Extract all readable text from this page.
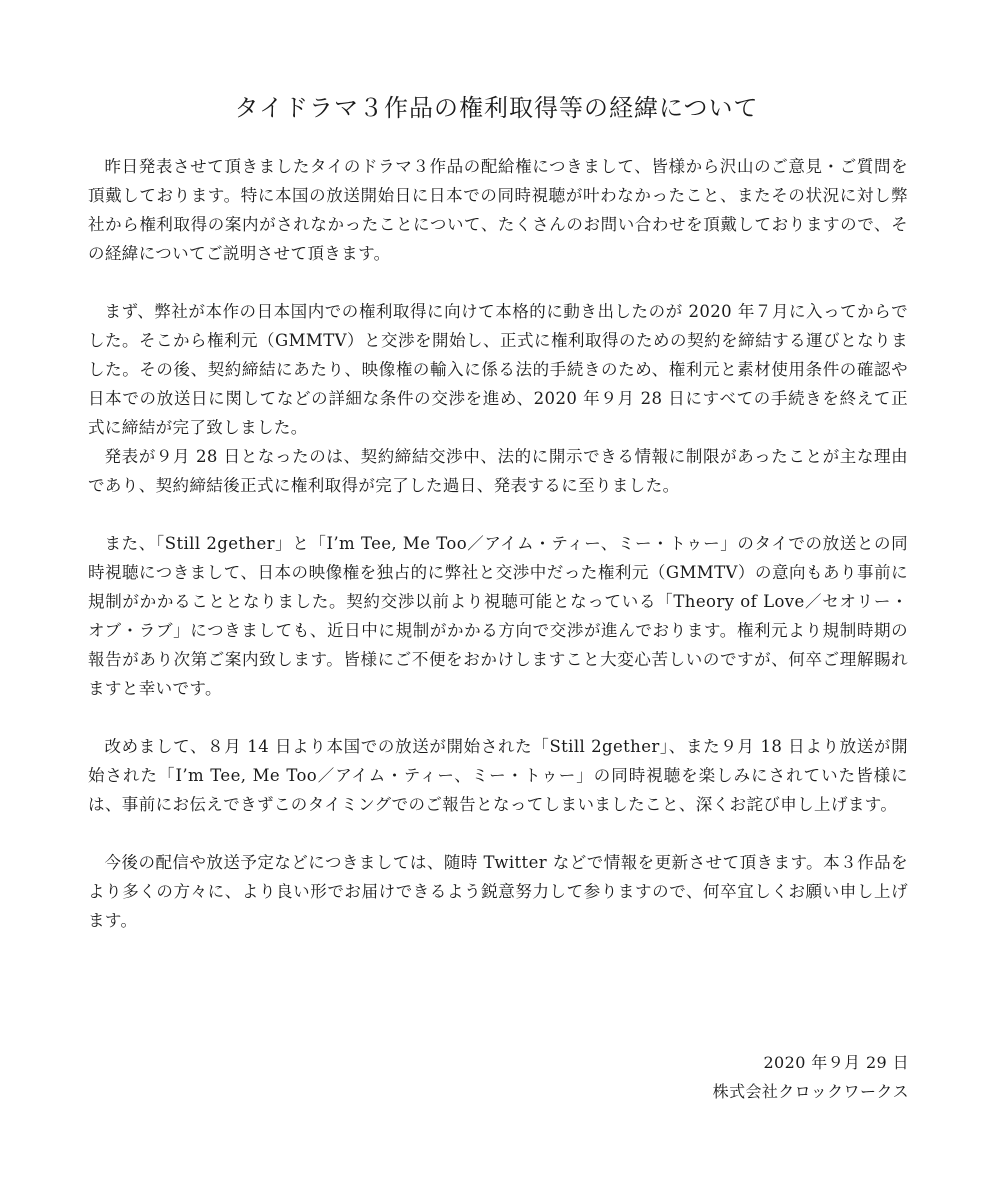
タイドラマ３作品の権利取得等の経緯について

昨日発表させて頂きましたタイのドラマ３作品の配給権につきまして、皆様から沢山のご意見・ご質問を頂戴しております。特に本国の放送開始日に日本での同時視聴が叶わなかったこと、またその状況に対し弊社から権利取得の案内がされなかったことについて、たくさんのお問い合わせを頂戴しておりますので、その経緯についてご説明させて頂きます。

まず、弊社が本作の日本国内での権利取得に向けて本格的に動き出したのが 2020 年７月に入ってからでした。そこから権利元（GMMTV）と交渉を開始し、正式に権利取得のための契約を締結する運びとなりました。その後、契約締結にあたり、映像権の輸入に係る法的手続きのため、権利元と素材使用条件の確認や日本での放送日に関してなどの詳細な条件の交渉を進め、2020 年９月 28 日にすべての手続きを終えて正式に締結が完了致しました。

発表が９月 28 日となったのは、契約締結交渉中、法的に開示できる情報に制限があったことが主な理由であり、契約締結後正式に権利取得が完了した過日、発表するに至りました。

また、「Still 2gether」と「I’m Tee, Me Too／アイム・ティー、ミー・トゥー」のタイでの放送との同時視聴につきまして、日本の映像権を独占的に弊社と交渉中だった権利元（GMMTV）の意向もあり事前に規制がかかることとなりました。契約交渉以前より視聴可能となっている「Theory of Love／セオリー・オブ・ラブ」につきましても、近日中に規制がかかる方向で交渉が進んでおります。権利元より規制時期の報告があり次第ご案内致します。皆様にご不便をおかけしますこと大変心苦しいのですが、何卒ご理解賜れますと幸いです。

改めまして、８月 14 日より本国での放送が開始された「Still 2gether」、また９月 18 日より放送が開始された「I’m Tee, Me Too／アイム・ティー、ミー・トゥー」の同時視聴を楽しみにされていた皆様には、事前にお伝えできずこのタイミングでのご報告となってしまいましたこと、深くお詫び申し上げます。

今後の配信や放送予定などにつきましては、随時 Twitter などで情報を更新させて頂きます。本３作品をより多くの方々に、より良い形でお届けできるよう鋭意努力して参りますので、何卒宜しくお願い申し上げます。

2020 年９月 29 日
株式会社クロックワークス
